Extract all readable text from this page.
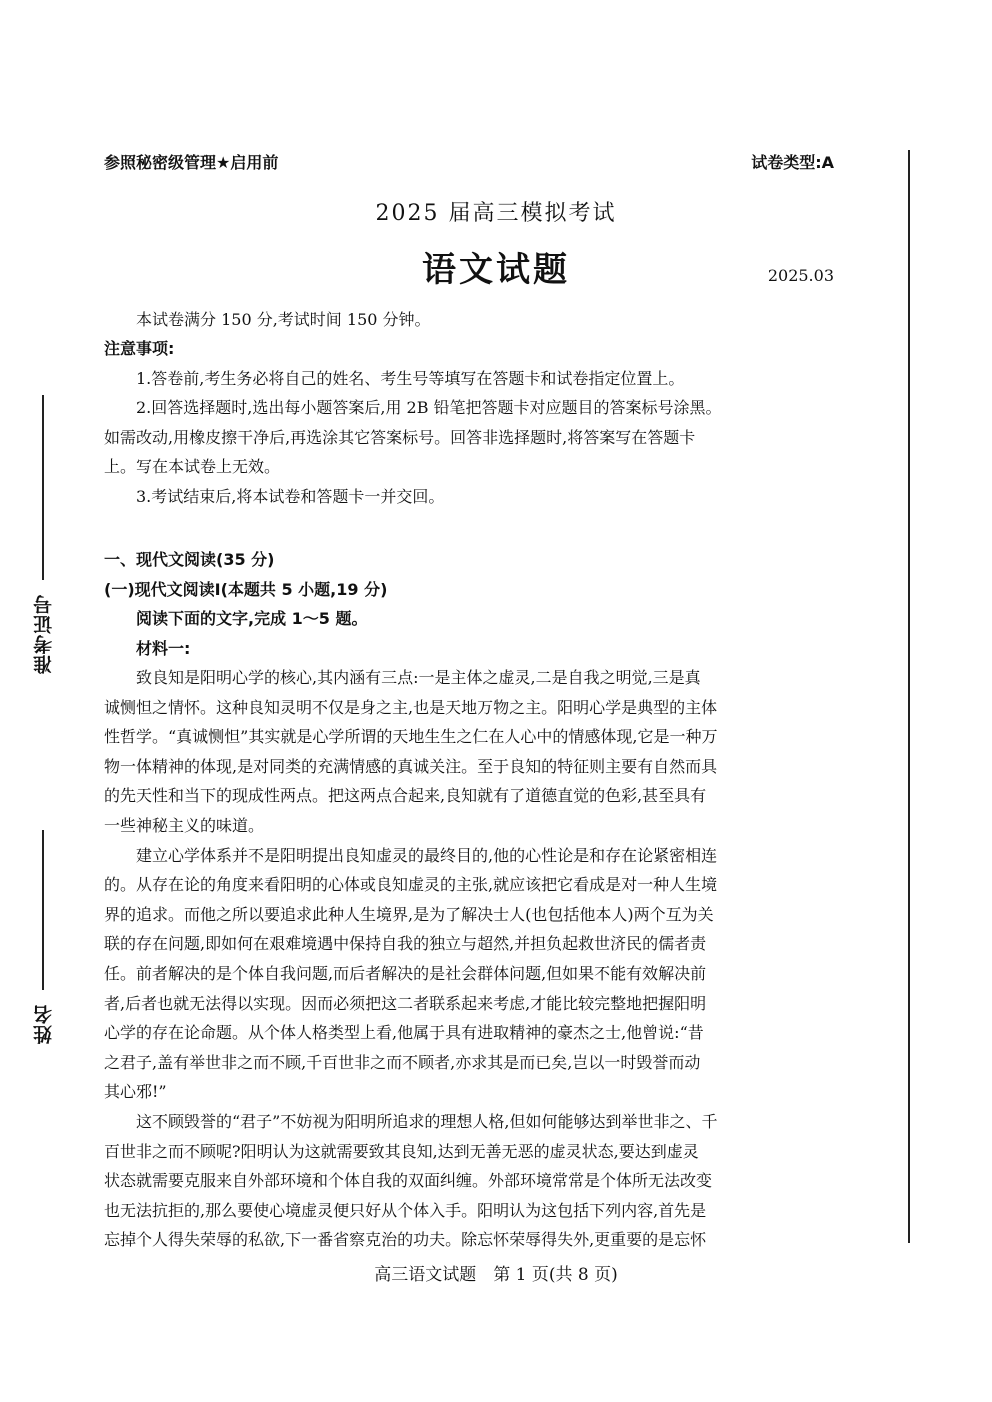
准考证号
姓名
参照秘密级管理★启用前	试卷类型:A
2025 届高三模拟考试
语文试题	2025.03
本试卷满分 150 分,考试时间 150 分钟。
注意事项:
1.答卷前,考生务必将自己的姓名、考生号等填写在答题卡和试卷指定位置上。
2.回答选择题时,选出每小题答案后,用 2B 铅笔把答题卡对应题目的答案标号涂黑。
如需改动,用橡皮擦干净后,再选涂其它答案标号。回答非选择题时,将答案写在答题卡
上。写在本试卷上无效。
3.考试结束后,将本试卷和答题卡一并交回。
一、现代文阅读(35 分)
(一)现代文阅读Ⅰ(本题共 5 小题,19 分)
阅读下面的文字,完成 1～5 题。
材料一:
致良知是阳明心学的核心,其内涵有三点:一是主体之虚灵,二是自我之明觉,三是真
诚恻怛之情怀。这种良知灵明不仅是身之主,也是天地万物之主。阳明心学是典型的主体
性哲学。“真诚恻怛”其实就是心学所谓的天地生生之仁在人心中的情感体现,它是一种万
物一体精神的体现,是对同类的充满情感的真诚关注。至于良知的特征则主要有自然而具
的先天性和当下的现成性两点。把这两点合起来,良知就有了道德直觉的色彩,甚至具有
一些神秘主义的味道。
建立心学体系并不是阳明提出良知虚灵的最终目的,他的心性论是和存在论紧密相连
的。从存在论的角度来看阳明的心体或良知虚灵的主张,就应该把它看成是对一种人生境
界的追求。而他之所以要追求此种人生境界,是为了解决士人(也包括他本人)两个互为关
联的存在问题,即如何在艰难境遇中保持自我的独立与超然,并担负起救世济民的儒者责
任。前者解决的是个体自我问题,而后者解决的是社会群体问题,但如果不能有效解决前
者,后者也就无法得以实现。因而必须把这二者联系起来考虑,才能比较完整地把握阳明
心学的存在论命题。从个体人格类型上看,他属于具有进取精神的豪杰之士,他曾说:“昔
之君子,盖有举世非之而不顾,千百世非之而不顾者,亦求其是而已矣,岂以一时毁誉而动
其心邪!”
这不顾毁誉的“君子”不妨视为阳明所追求的理想人格,但如何能够达到举世非之、千
百世非之而不顾呢?阳明认为这就需要致其良知,达到无善无恶的虚灵状态,要达到虚灵
状态就需要克服来自外部环境和个体自我的双面纠缠。外部环境常常是个体所无法改变
也无法抗拒的,那么要使心境虚灵便只好从个体入手。阳明认为这包括下列内容,首先是
忘掉个人得失荣辱的私欲,下一番省察克治的功夫。除忘怀荣辱得失外,更重要的是忘怀
高三语文试题　第 1 页(共 8 页)
